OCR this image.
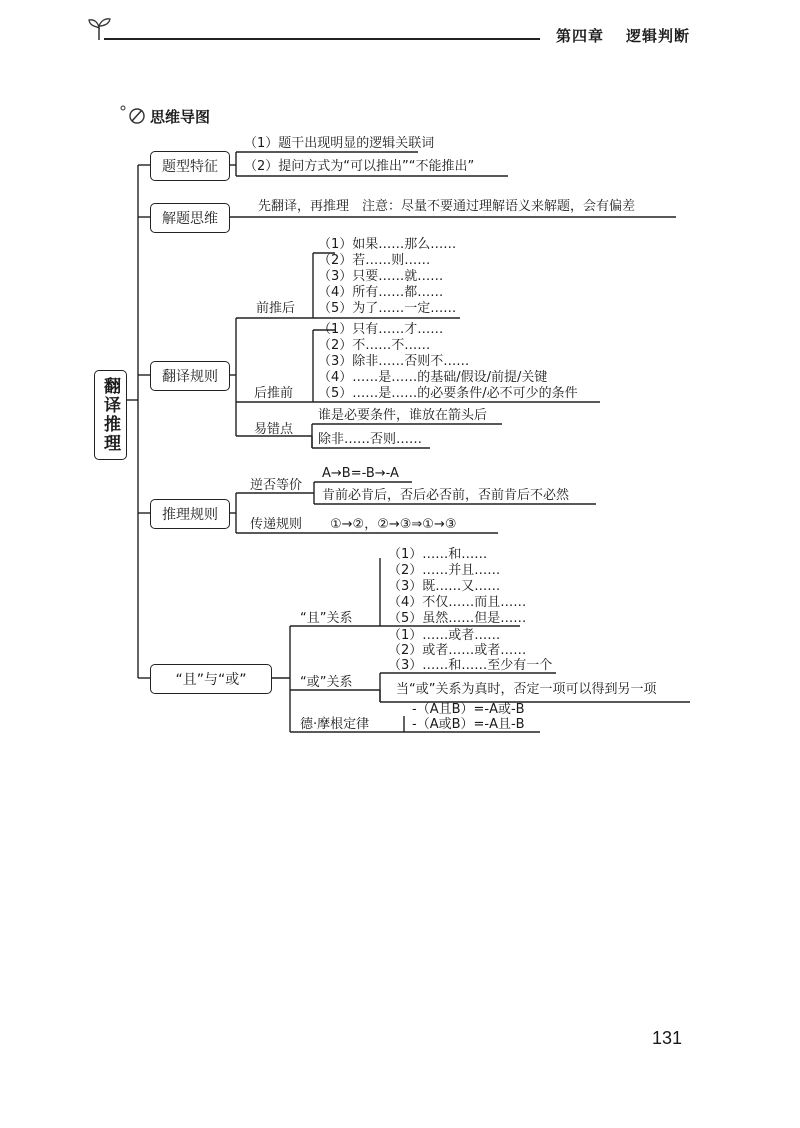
第四章 逻辑判断
思维导图
翻译推理
题型特征
解题思维
翻译规则
推理规则
“且”与“或”
（1）题干出现明显的逻辑关联词
（2）提问方式为“可以推出”“不能推出”
先翻译，再推理　注意：尽量不要通过理解语义来解题，会有偏差
前推后
（1）如果……那么……
（2）若……则……
（3）只要……就……
（4）所有……都……
（5）为了……一定……
后推前
（1）只有……才……
（2）不……不……
（3）除非……否则不……
（4）……是……的基础/假设/前提/关键
（5）……是……的必要条件/必不可少的条件
易错点
谁是必要条件，谁放在箭头后
除非……否则……
逆否等价
A→B=-B→-A
肯前必肯后，否后必否前，否前肯后不必然
传递规则 ①→②，②→③⇒①→③
“且”关系
（1）……和……
（2）……并且……
（3）既……又……
（4）不仅……而且……
（5）虽然……但是……
“或”关系
（1）……或者……
（2）或者……或者……
（3）……和……至少有一个
当“或”关系为真时，否定一项可以得到另一项
德·摩根定律
-（A且B）=-A或-B
-（A或B）=-A且-B
131
